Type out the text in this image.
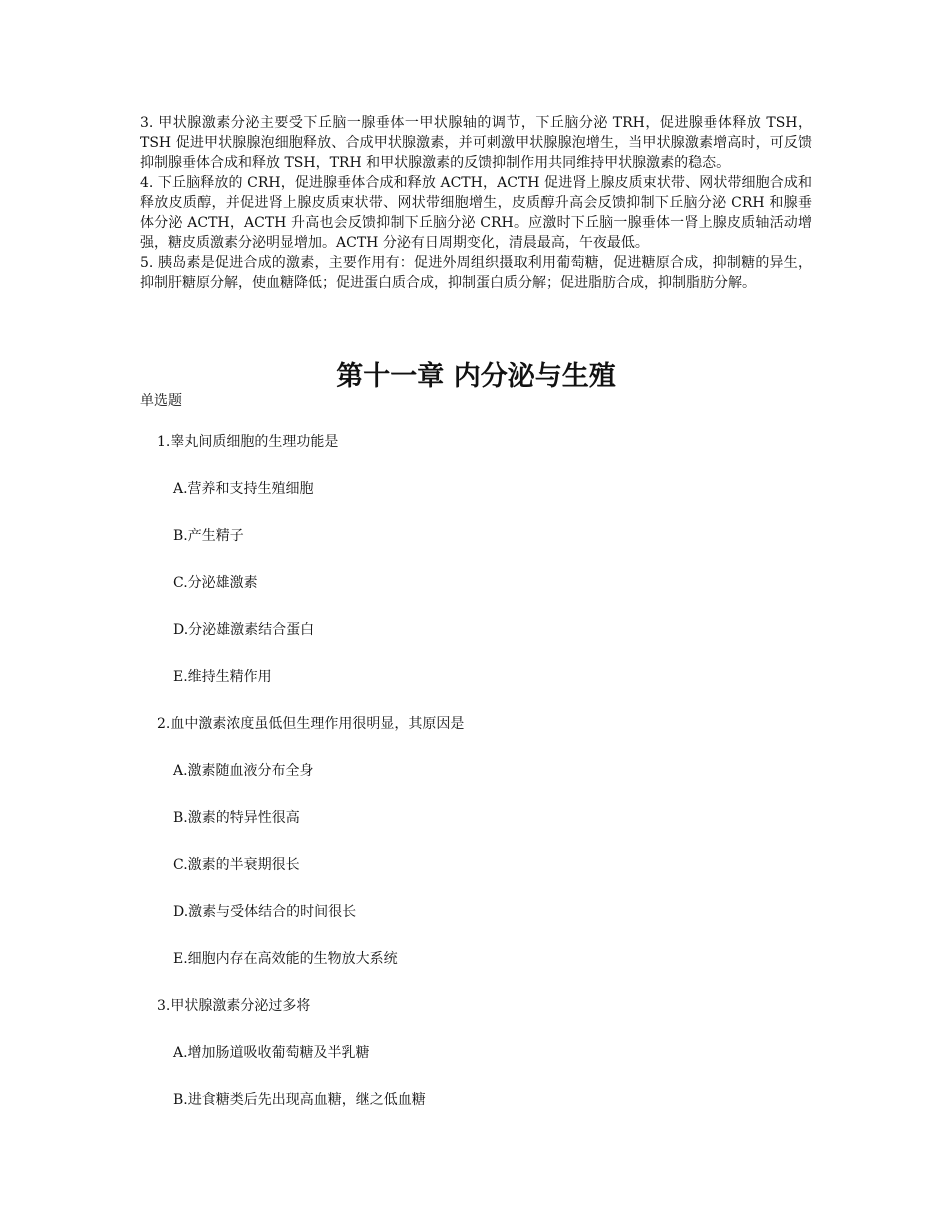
3. 甲状腺激素分泌主要受下丘脑一腺垂体一甲状腺轴的调节，下丘脑分泌 TRH，促进腺垂体释放 TSH，TSH 促进甲状腺腺泡细胞释放、合成甲状腺激素，并可刺激甲状腺腺泡增生，当甲状腺激素增高时，可反馈抑制腺垂体合成和释放 TSH，TRH 和甲状腺激素的反馈抑制作用共同维持甲状腺激素的稳态。

4. 下丘脑释放的 CRH，促进腺垂体合成和释放 ACTH，ACTH 促进肾上腺皮质束状带、网状带细胞合成和释放皮质醇，并促进肾上腺皮质束状带、网状带细胞增生，皮质醇升高会反馈抑制下丘脑分泌 CRH 和腺垂体分泌 ACTH，ACTH 升高也会反馈抑制下丘脑分泌 CRH。应激时下丘脑一腺垂体一肾上腺皮质轴活动增强，糖皮质激素分泌明显增加。ACTH 分泌有日周期变化，清晨最高，午夜最低。

5. 胰岛素是促进合成的激素，主要作用有：促进外周组织摄取利用葡萄糖，促进糖原合成，抑制糖的异生，抑制肝糖原分解，使血糖降低；促进蛋白质合成，抑制蛋白质分解；促进脂肪合成，抑制脂肪分解。

第十一章 内分泌与生殖

单选题

1.睾丸间质细胞的生理功能是

A.营养和支持生殖细胞

B.产生精子

C.分泌雄激素

D.分泌雄激素结合蛋白

E.维持生精作用

2.血中激素浓度虽低但生理作用很明显，其原因是

A.激素随血液分布全身

B.激素的特异性很高

C.激素的半衰期很长

D.激素与受体结合的时间很长

E.细胞内存在高效能的生物放大系统

3.甲状腺激素分泌过多将

A.增加肠道吸收葡萄糖及半乳糖

B.进食糖类后先出现高血糖，继之低血糖
